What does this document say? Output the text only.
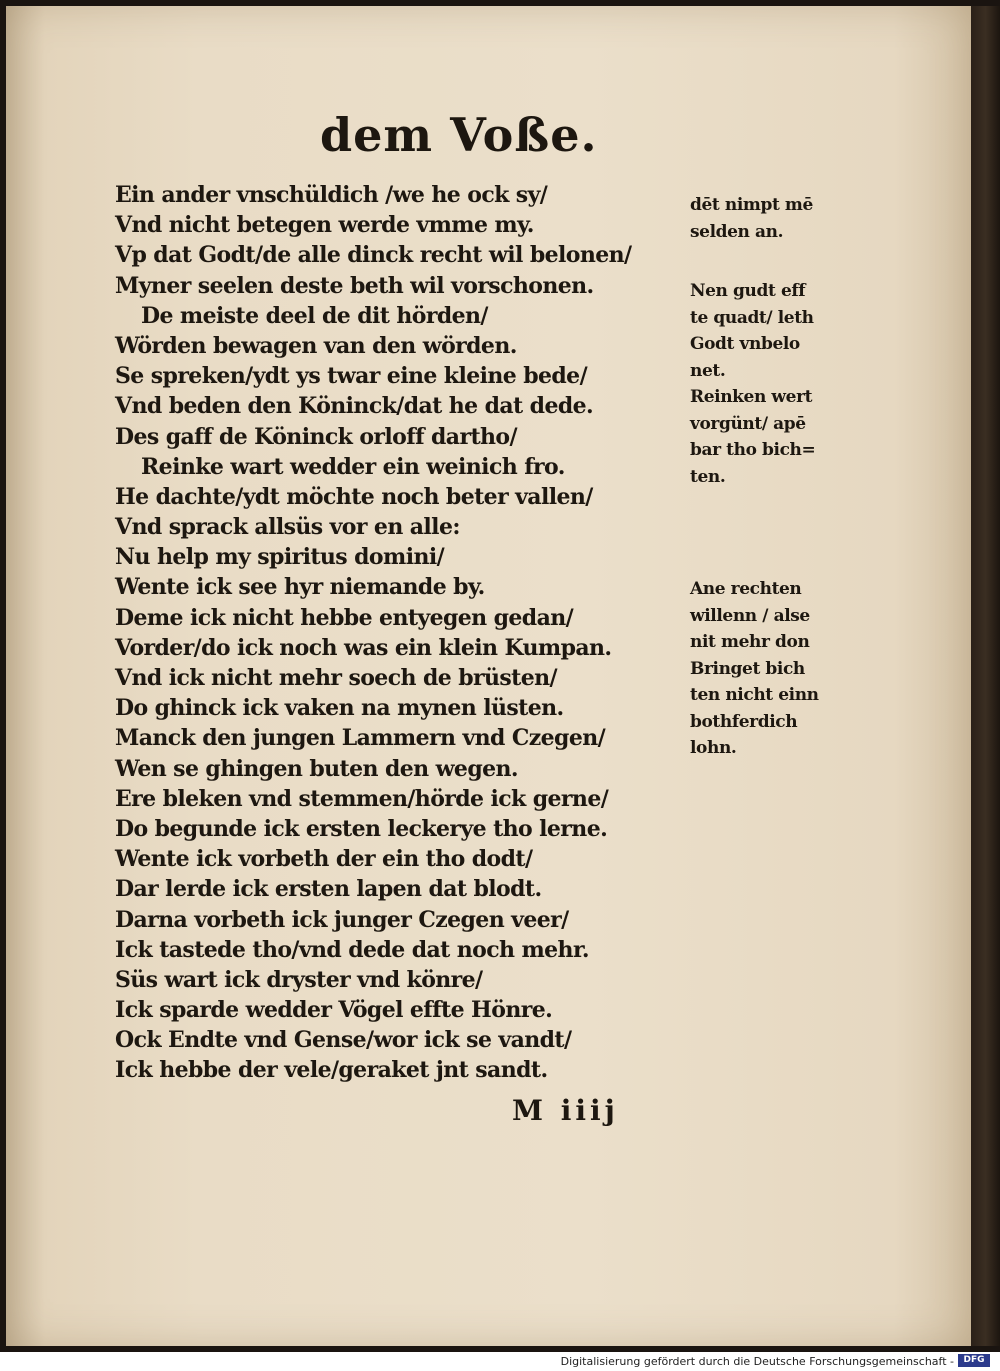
dem Voße.
Ein ander vnschüldich /we he ock sy/
Vnd nicht betegen werde vmme my.
Vp dat Godt/de alle dinck recht wil belonen/
Myner seelen deste beth wil vorschonen.
De meiste deel de dit hörden/
Wörden bewagen van den wörden.
Se spreken/ydt ys twar eine kleine bede/
Vnd beden den Köninck/dat he dat dede.
Des gaff de Köninck orloff dartho/
Reinke wart wedder ein weinich fro.
He dachte/ydt möchte noch beter vallen/
Vnd sprack allsüs vor en alle:
Nu help my spiritus domini/
Wente ick see hyr niemande by.
Deme ick nicht hebbe entyegen gedan/
Vorder/do ick noch was ein klein Kumpan.
Vnd ick nicht mehr soech de brüsten/
Do ghinck ick vaken na mynen lüsten.
Manck den jungen Lammern vnd Czegen/
Wen se ghingen buten den wegen.
Ere bleken vnd stemmen/hörde ick gerne/
Do begunde ick ersten leckerye tho lerne.
Wente ick vorbeth der ein tho dodt/
Dar lerde ick ersten lapen dat blodt.
Darna vorbeth ick junger Czegen veer/
Ick tastede tho/vnd dede dat noch mehr.
Süs wart ick dryster vnd könre/
Ick sparde wedder Vögel effte Hönre.
Ock Endte vnd Gense/wor ick se vandt/
Ick hebbe der vele/geraket jnt sandt.
M iiij
dēt nimpt mē
selden an.
Nen gudt eff
te quadt/ leth
Godt vnbelo
net.
Reinken wert
vorgünt/ apē
bar tho bich=
ten.
Ane rechten
willenn / alse
nit mehr don
Bringet bich
ten nicht einn
bothferdich
lohn.
Digitalisierung gefördert durch die Deutsche Forschungsgemeinschaft -	DFG
